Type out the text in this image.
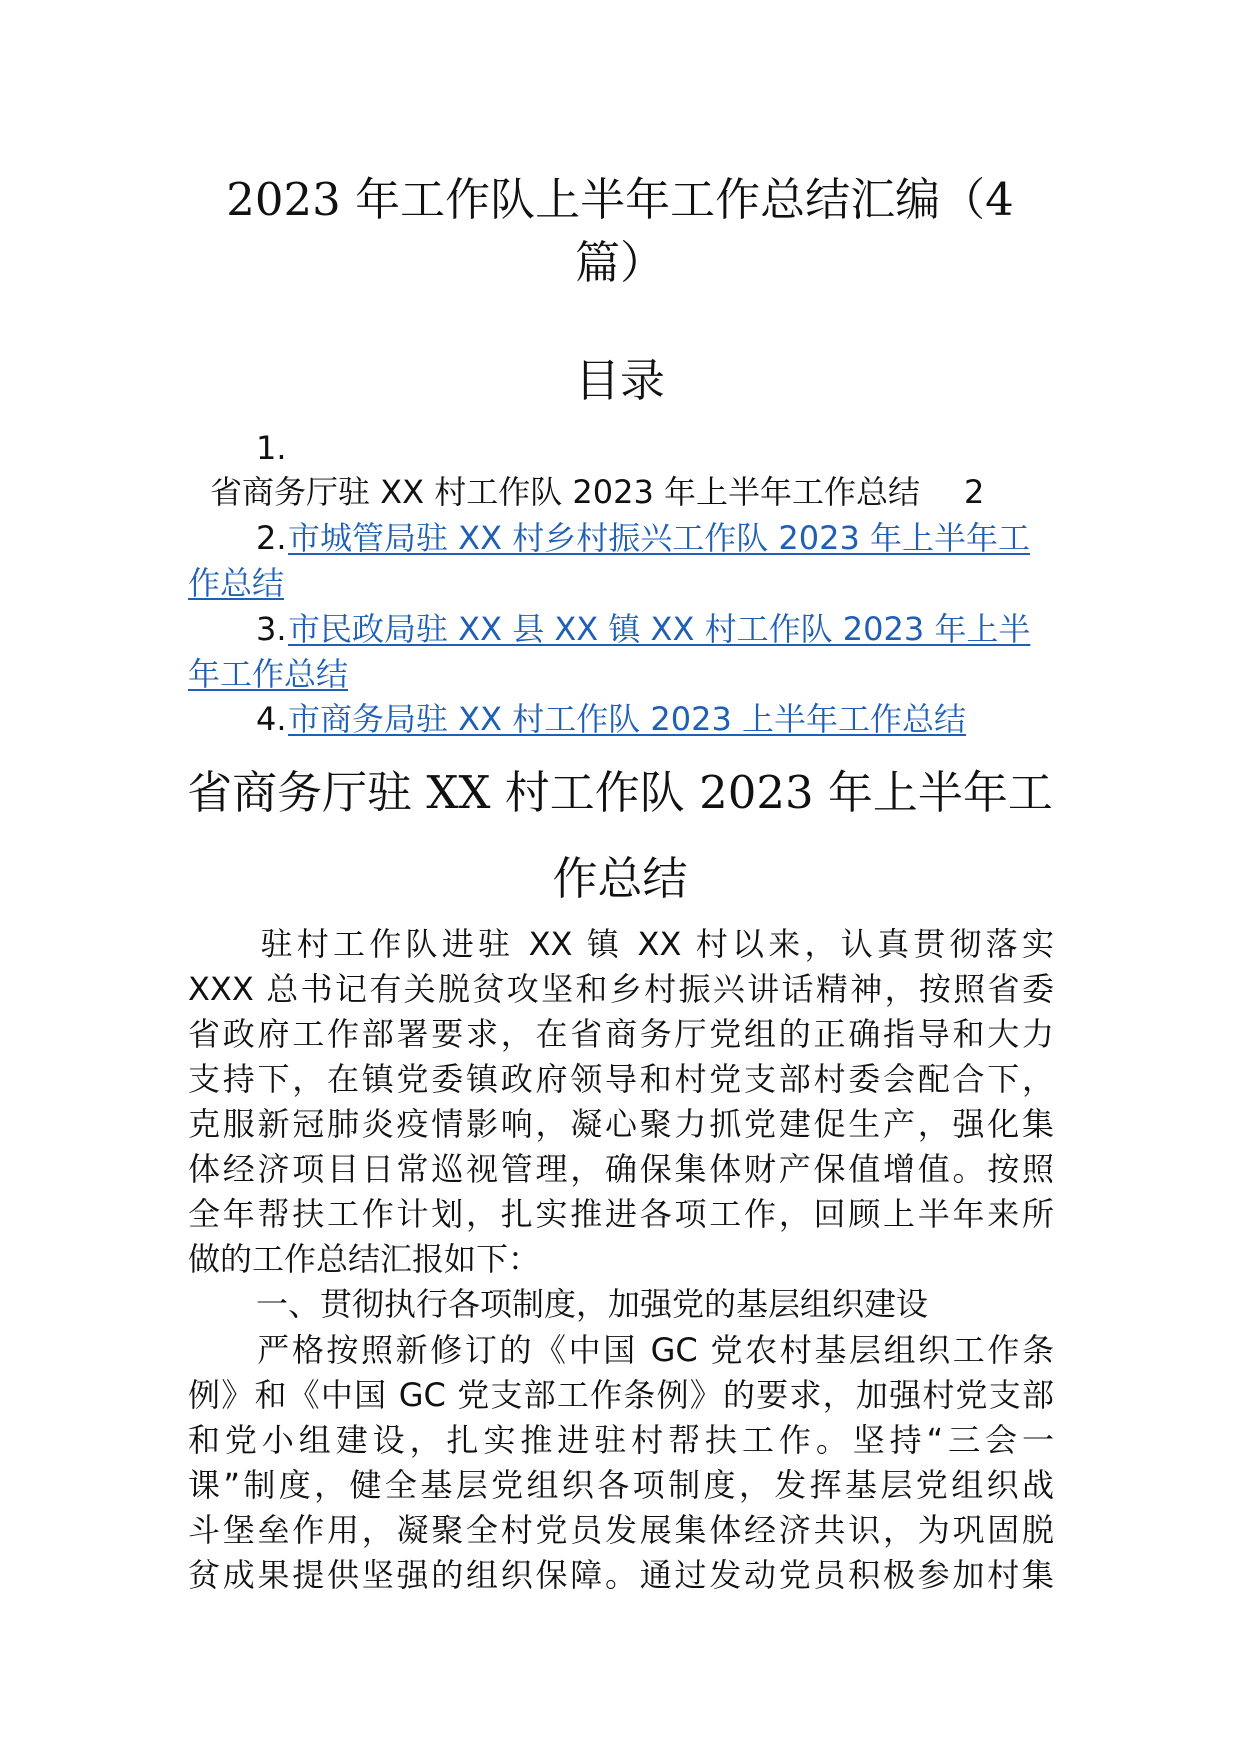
2023 年工作队上半年工作总结汇编（4
篇）
目录
1.
省商务厅驻 XX 村工作队 2023 年上半年工作总结 2
2. 市城管局驻 XX 村乡村振兴工作队 2023 年上半年工
作总结
3. 市民政局驻 XX 县 XX 镇 XX 村工作队 2023 年上半
年工作总结
4. 市商务局驻 XX 村工作队 2023 上半年工作总结
省商务厅驻 XX 村工作队 2023 年上半年工
作总结
　　驻村工作队进驻 XX 镇 XX 村以来，认真贯彻落实
XXX 总书记有关脱贫攻坚和乡村振兴讲话精神，按照省委
省政府工作部署要求，在省商务厅党组的正确指导和大力
支持下，在镇党委镇政府领导和村党支部村委会配合下，
克服新冠肺炎疫情影响，凝心聚力抓党建促生产，强化集
体经济项目日常巡视管理，确保集体财产保值增值。按照
全年帮扶工作计划，扎实推进各项工作，回顾上半年来所
做的工作总结汇报如下：
一、贯彻执行各项制度，加强党的基层组织建设
　　严格按照新修订的《中国 GC 党农村基层组织工作条
例》和《中国 GC 党支部工作条例》的要求，加强村党支部
和党小组建设，扎实推进驻村帮扶工作。坚持“三会一
课”制度，健全基层党组织各项制度，发挥基层党组织战
斗堡垒作用，凝聚全村党员发展集体经济共识，为巩固脱
贫成果提供坚强的组织保障。通过发动党员积极参加村集
